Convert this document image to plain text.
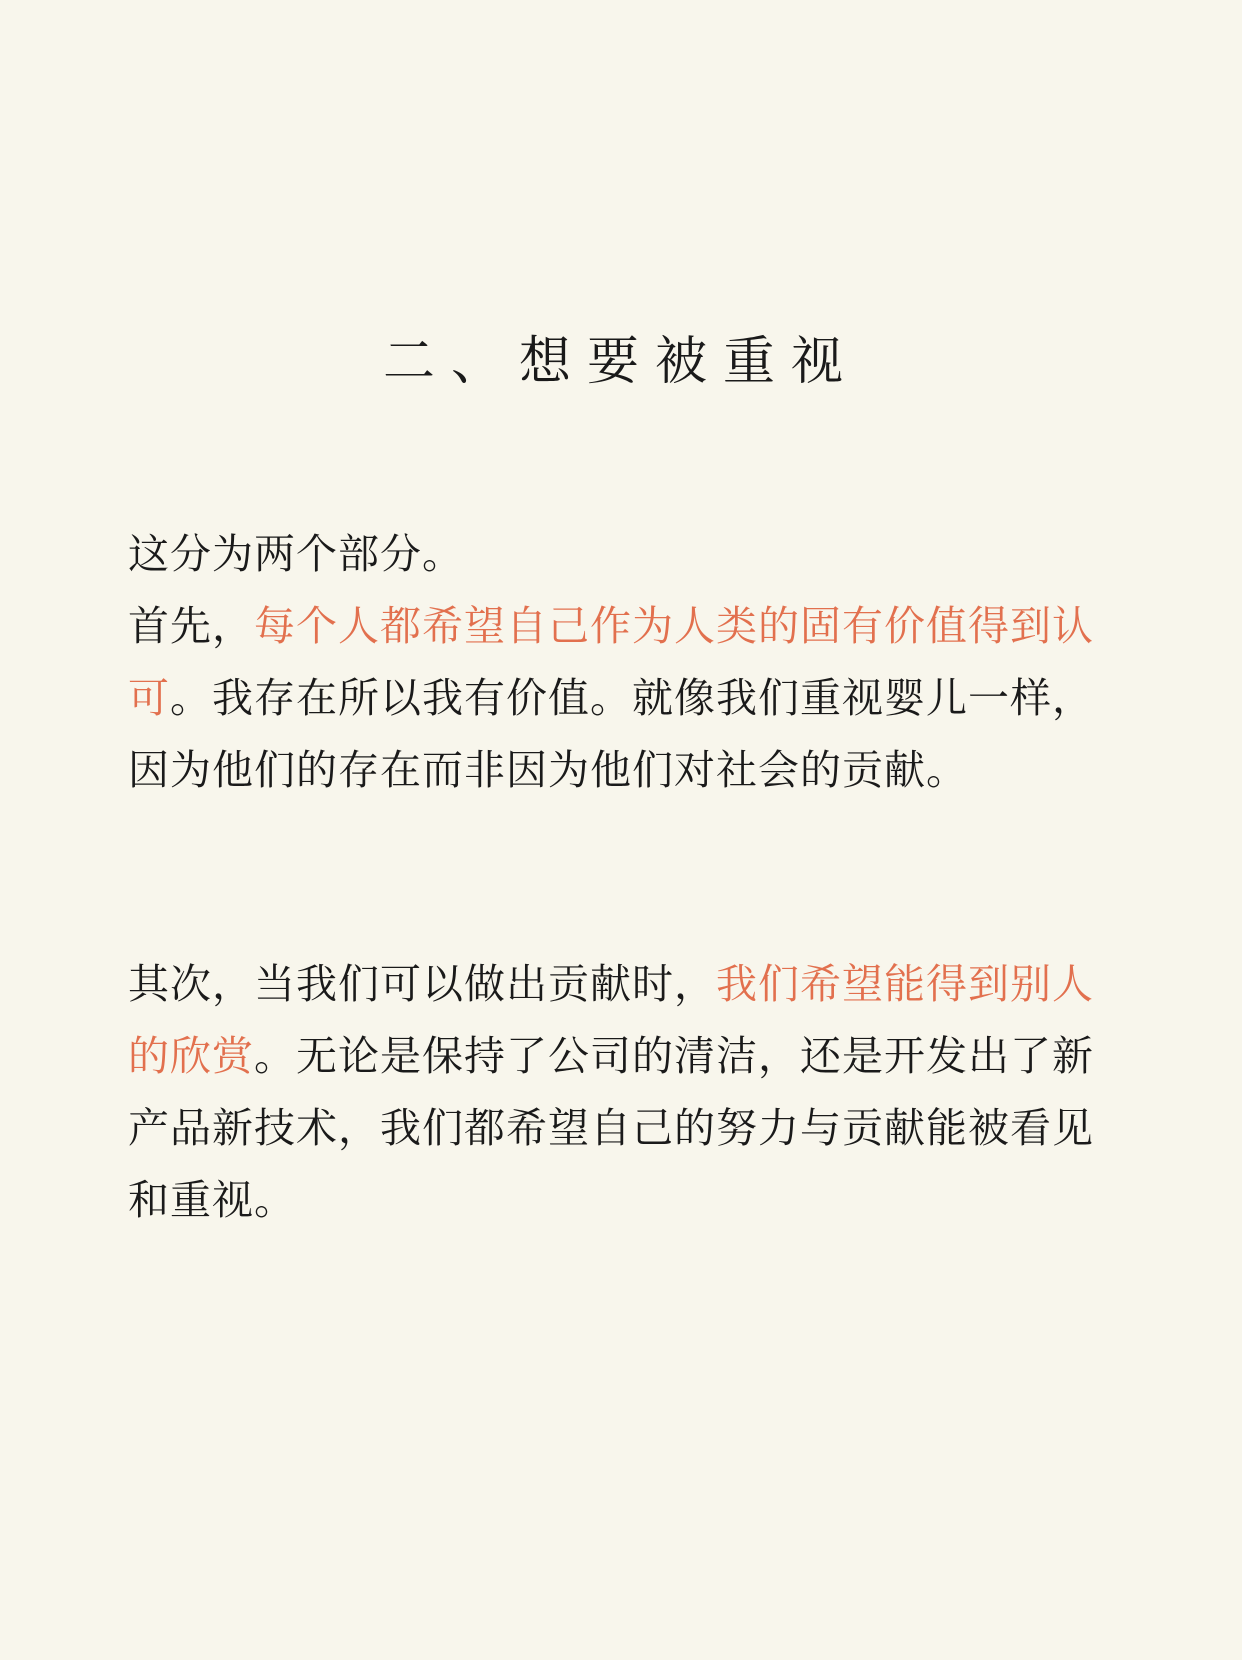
二、想要被重视
这分为两个部分。
首先，每个人都希望自己作为人类的固有价值得到认可。我存在所以我有价值。就像我们重视婴儿一样，因为他们的存在而非因为他们对社会的贡献。
其次，当我们可以做出贡献时，我们希望能得到别人的欣赏。无论是保持了公司的清洁，还是开发出了新产品新技术，我们都希望自己的努力与贡献能被看见和重视。
